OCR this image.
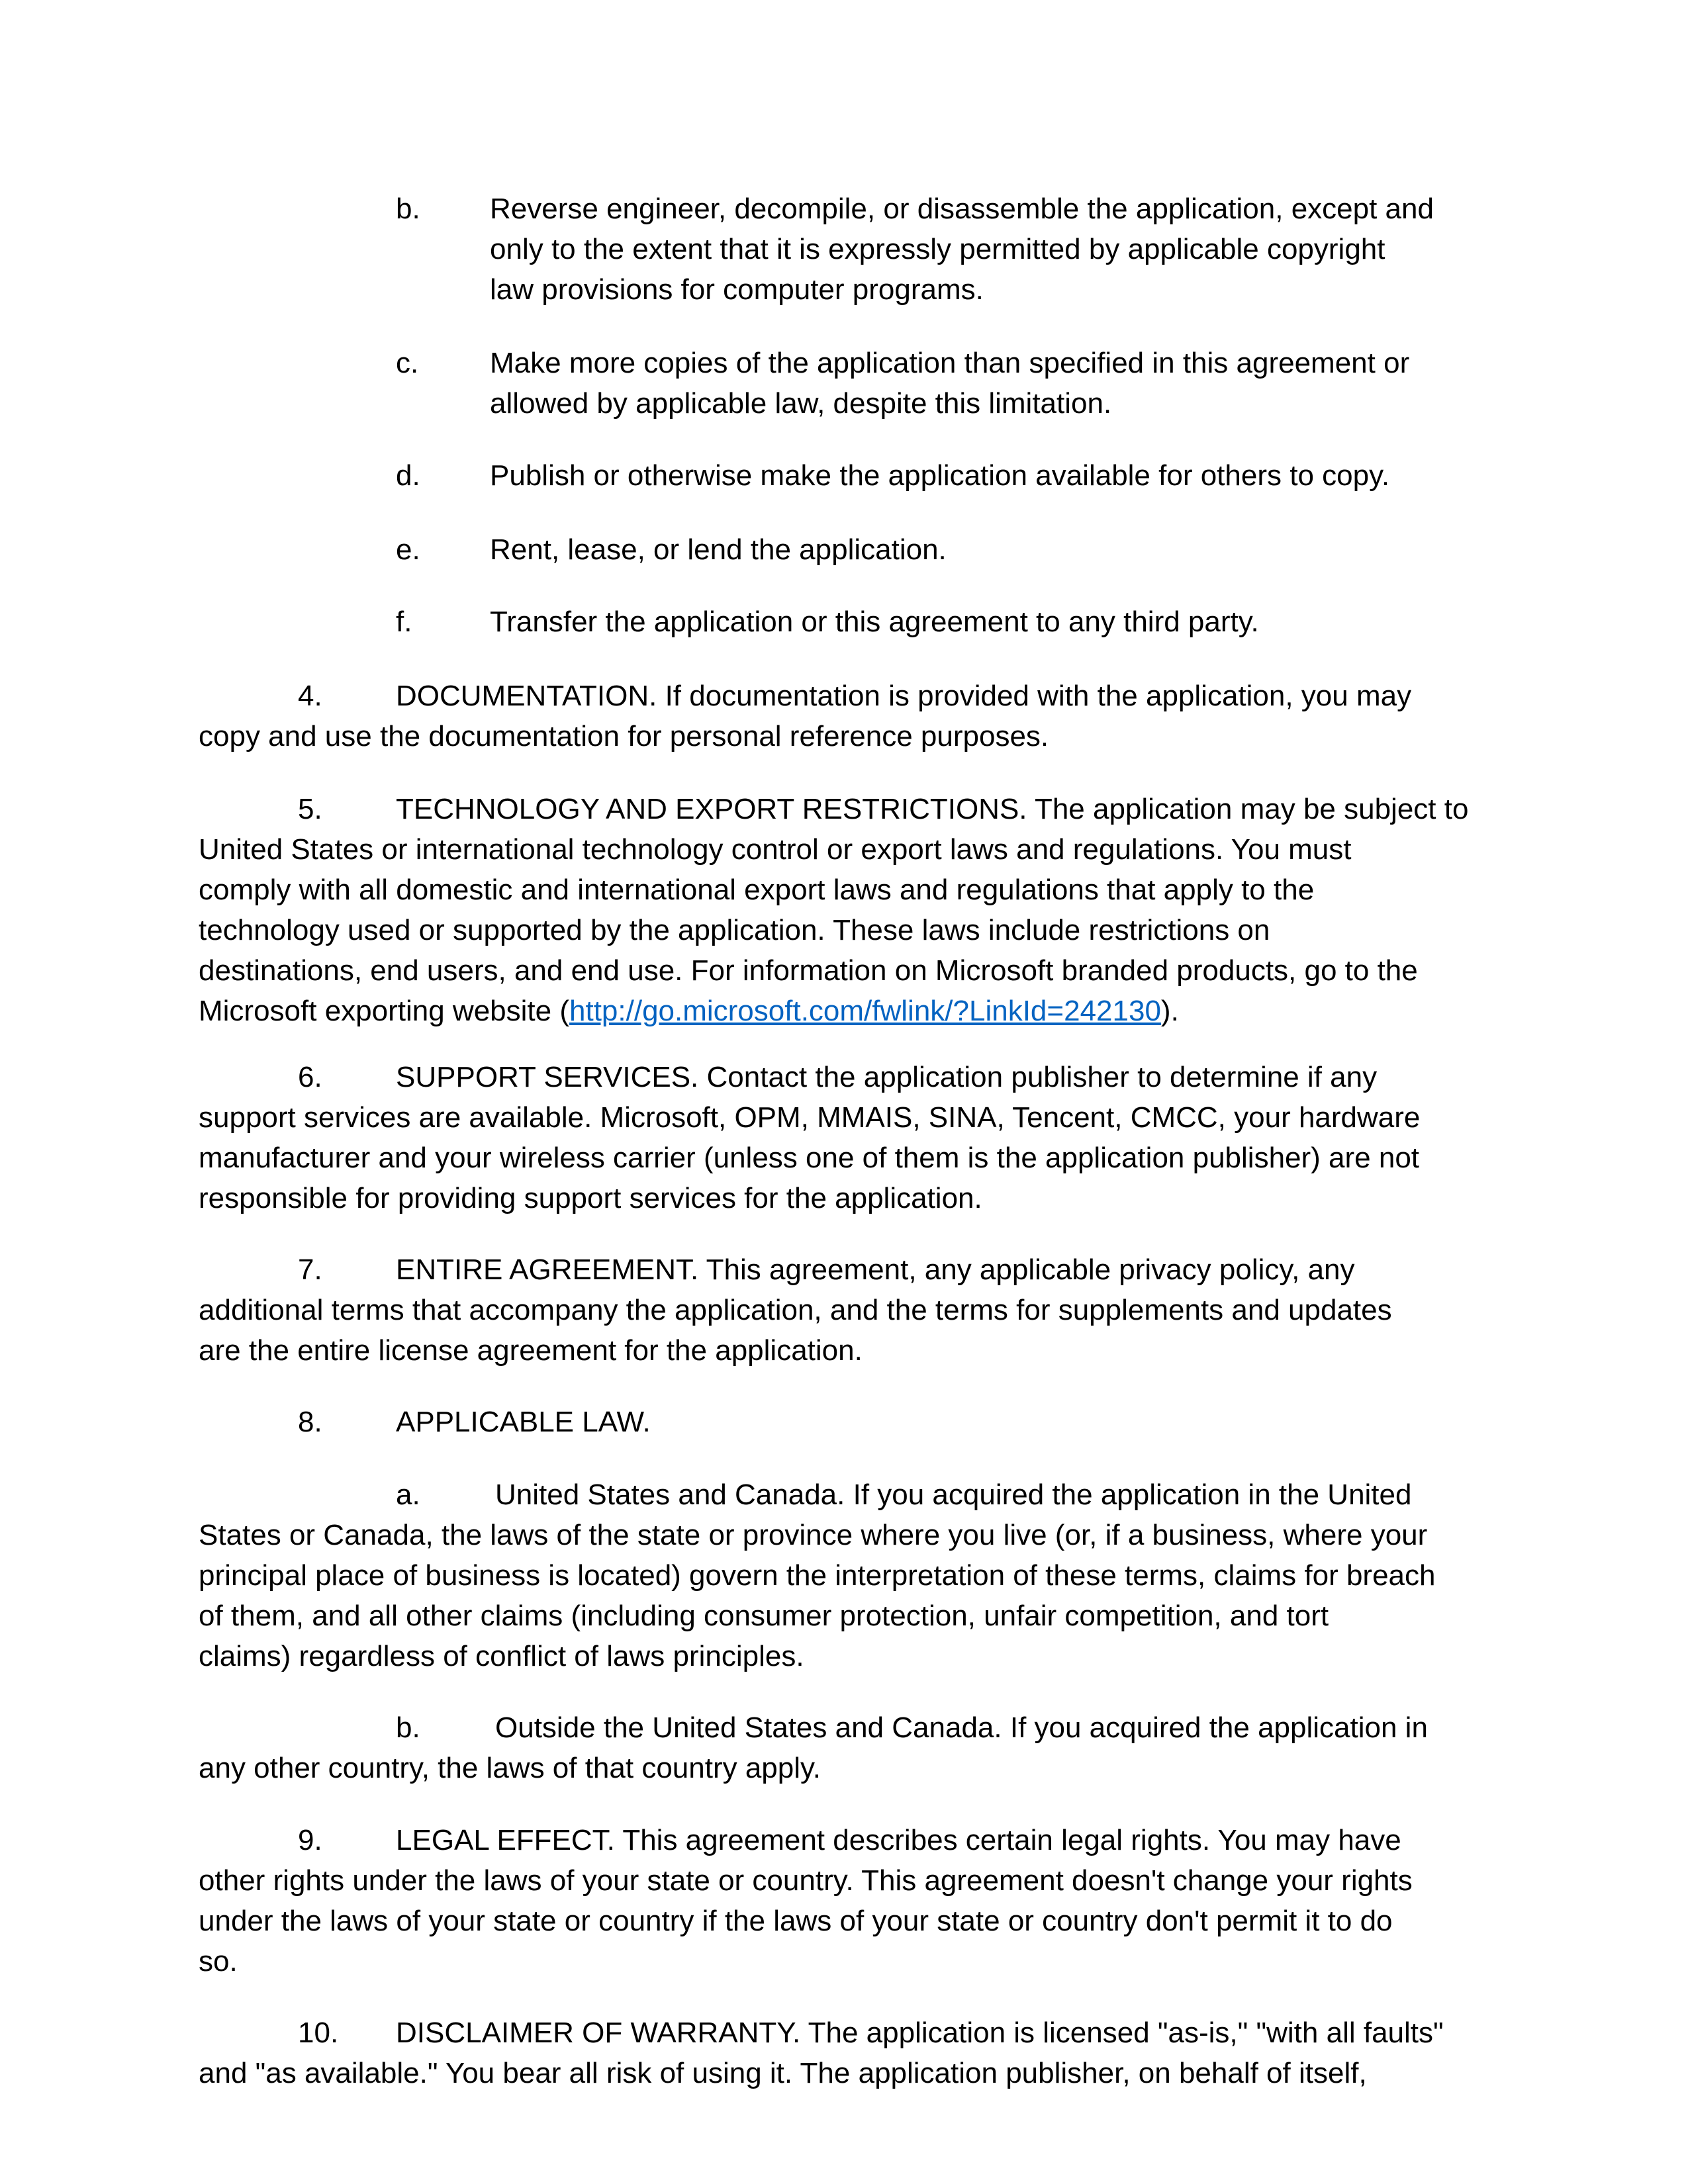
b. Reverse engineer, decompile, or disassemble the application, except and
only to the extent that it is expressly permitted by applicable copyright
law provisions for computer programs.
c. Make more copies of the application than specified in this agreement or
allowed by applicable law, despite this limitation.
d. Publish or otherwise make the application available for others to copy.
e. Rent, lease, or lend the application.
f.	Transfer the application or this agreement to any third party.
4.	DOCUMENTATION. If documentation is provided with the application, you may
copy and use the documentation for personal reference purposes.
5.	TECHNOLOGY AND EXPORT RESTRICTIONS. The application may be subject to
United States or international technology control or export laws and regulations. You must
comply with all domestic and international export laws and regulations that apply to the
technology used or supported by the application. These laws include restrictions on
destinations, end users, and end use. For information on Microsoft branded products, go to the
Microsoft exporting website (http://go.microsoft.com/fwlink/?LinkId=242130).
6.	SUPPORT SERVICES. Contact the application publisher to determine if any
support services are available. Microsoft, OPM, MMAIS, SINA, Tencent, CMCC, your hardware
manufacturer and your wireless carrier (unless one of them is the application publisher) are not
responsible for providing support services for the application.
7.	ENTIRE AGREEMENT. This agreement, any applicable privacy policy, any
additional terms that accompany the application, and the terms for supplements and updates
are the entire license agreement for the application.
8.	APPLICABLE LAW.
a.	United States and Canada. If you acquired the application in the United
States or Canada, the laws of the state or province where you live (or, if a business, where your
principal place of business is located) govern the interpretation of these terms, claims for breach
of them, and all other claims (including consumer protection, unfair competition, and tort
claims) regardless of conflict of laws principles.
b.	Outside the United States and Canada. If you acquired the application in
any other country, the laws of that country apply.
9.	LEGAL EFFECT. This agreement describes certain legal rights. You may have
other rights under the laws of your state or country. This agreement doesn't change your rights
under the laws of your state or country if the laws of your state or country don't permit it to do
so.
10. DISCLAIMER OF WARRANTY. The application is licensed "as-is," "with all faults"
and "as available." You bear all risk of using it. The application publisher, on behalf of itself,
